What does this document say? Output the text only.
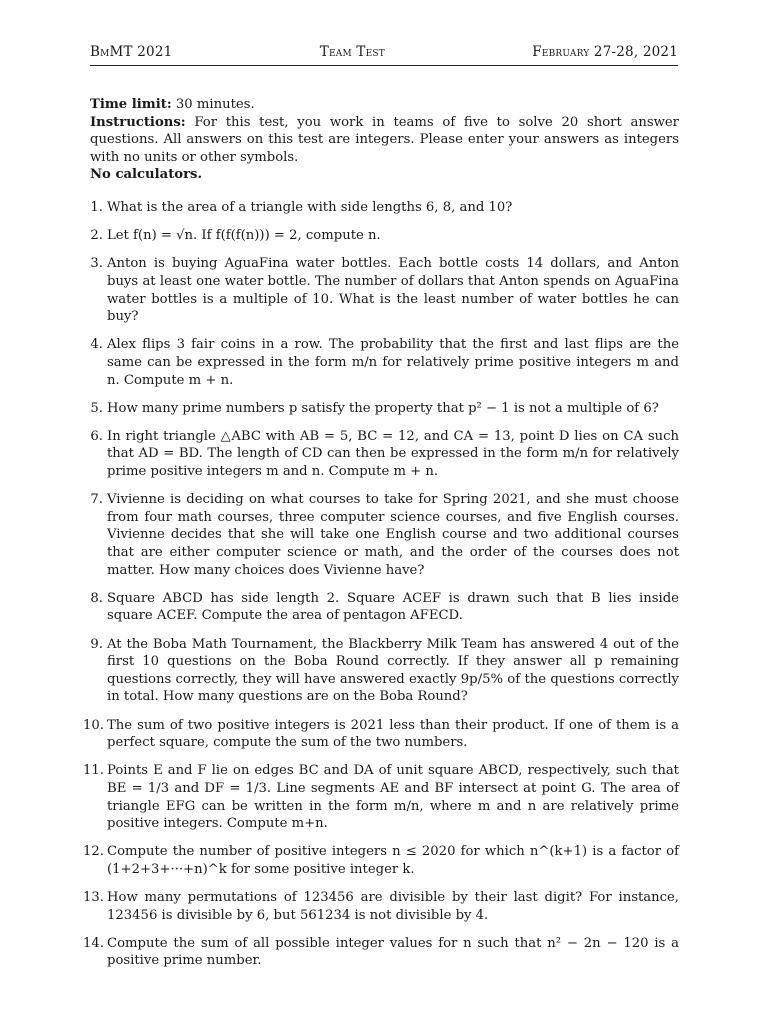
BmMT 2021	Team Test	February 27-28, 2021

Time limit: 30 minutes.

Instructions: For this test, you work in teams of five to solve 20 short answer questions. All answers on this test are integers. Please enter your answers as integers with no units or other symbols.

No calculators.

1. What is the area of a triangle with side lengths 6, 8, and 10?
2. Let f(n) = √n. If f(f(f(n))) = 2, compute n.
3. Anton is buying AguaFina water bottles. Each bottle costs 14 dollars, and Anton buys at least one water bottle. The number of dollars that Anton spends on AguaFina water bottles is a multiple of 10. What is the least number of water bottles he can buy?
4. Alex flips 3 fair coins in a row. The probability that the first and last flips are the same can be expressed in the form m/n for relatively prime positive integers m and n. Compute m + n.
5. How many prime numbers p satisfy the property that p² − 1 is not a multiple of 6?
6. In right triangle △ABC with AB = 5, BC = 12, and CA = 13, point D lies on CA such that AD = BD. The length of CD can then be expressed in the form m/n for relatively prime positive integers m and n. Compute m + n.
7. Vivienne is deciding on what courses to take for Spring 2021, and she must choose from four math courses, three computer science courses, and five English courses. Vivienne decides that she will take one English course and two additional courses that are either computer science or math, and the order of the courses does not matter. How many choices does Vivienne have?
8. Square ABCD has side length 2. Square ACEF is drawn such that B lies inside square ACEF. Compute the area of pentagon AFECD.
9. At the Boba Math Tournament, the Blackberry Milk Team has answered 4 out of the first 10 questions on the Boba Round correctly. If they answer all p remaining questions correctly, they will have answered exactly 9p/5% of the questions correctly in total. How many questions are on the Boba Round?
10. The sum of two positive integers is 2021 less than their product. If one of them is a perfect square, compute the sum of the two numbers.
11. Points E and F lie on edges BC and DA of unit square ABCD, respectively, such that BE = 1/3 and DF = 1/3. Line segments AE and BF intersect at point G. The area of triangle EFG can be written in the form m/n, where m and n are relatively prime positive integers. Compute m+n.
12. Compute the number of positive integers n ≤ 2020 for which n^(k+1) is a factor of (1+2+3+···+n)^k for some positive integer k.
13. How many permutations of 123456 are divisible by their last digit? For instance, 123456 is divisible by 6, but 561234 is not divisible by 4.
14. Compute the sum of all possible integer values for n such that n² − 2n − 120 is a positive prime number.
